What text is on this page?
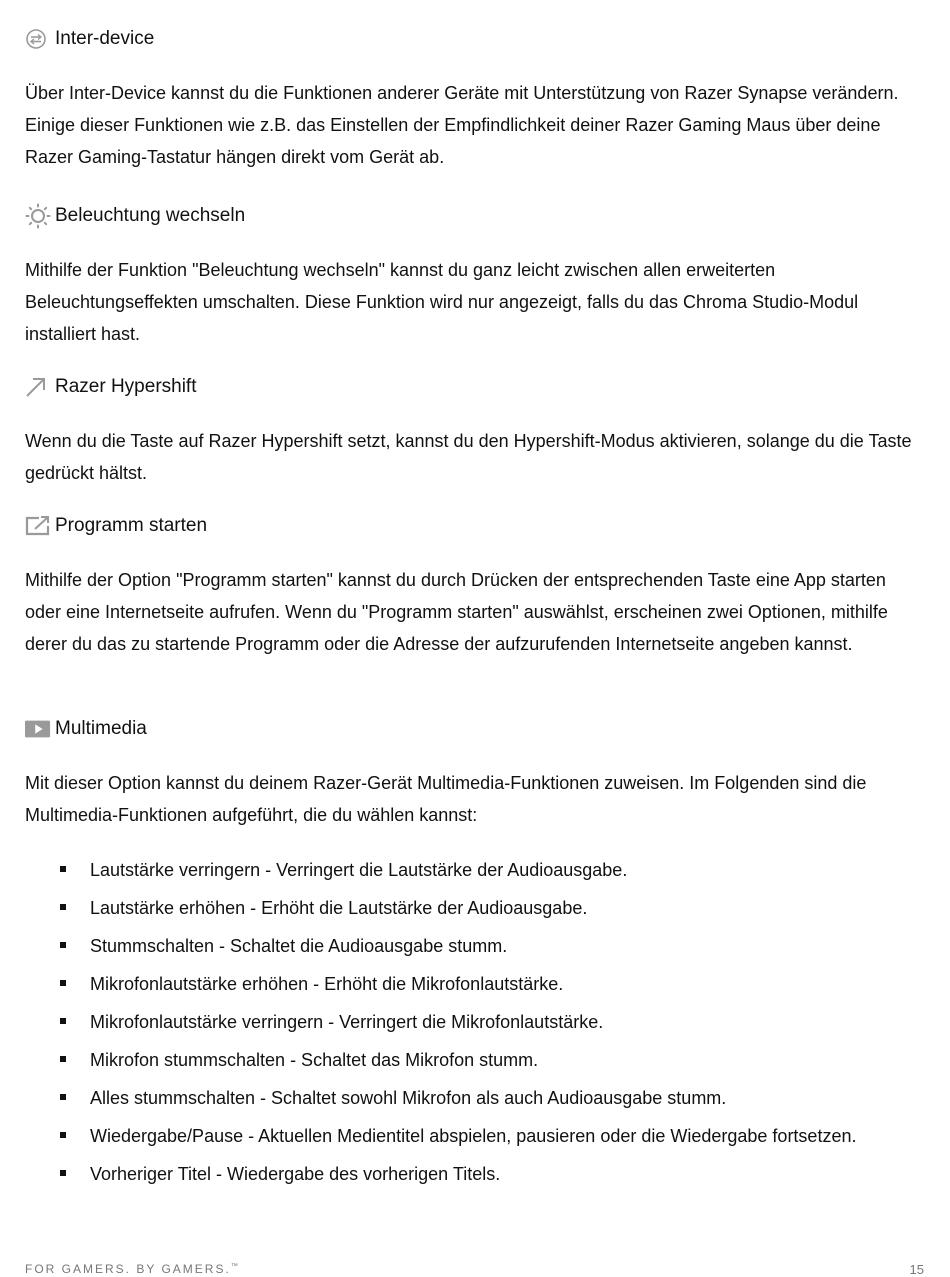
Inter-device

Über Inter-Device kannst du die Funktionen anderer Geräte mit Unterstützung von Razer Synapse verändern. Einige dieser Funktionen wie z.B. das Einstellen der Empfindlichkeit deiner Razer Gaming Maus über deine Razer Gaming-Tastatur hängen direkt vom Gerät ab.

Beleuchtung wechseln

Mithilfe der Funktion "Beleuchtung wechseln" kannst du ganz leicht zwischen allen erweiterten Beleuchtungseffekten umschalten. Diese Funktion wird nur angezeigt, falls du das Chroma Studio-Modul installiert hast.

Razer Hypershift

Wenn du die Taste auf Razer Hypershift setzt, kannst du den Hypershift-Modus aktivieren, solange du die Taste gedrückt hältst.

Programm starten

Mithilfe der Option "Programm starten" kannst du durch Drücken der entsprechenden Taste eine App starten oder eine Internetseite aufrufen. Wenn du "Programm starten" auswählst, erscheinen zwei Optionen, mithilfe derer du das zu startende Programm oder die Adresse der aufzurufenden Internetseite angeben kannst.

Multimedia

Mit dieser Option kannst du deinem Razer-Gerät Multimedia-Funktionen zuweisen. Im Folgenden sind die Multimedia-Funktionen aufgeführt, die du wählen kannst:

Lautstärke verringern - Verringert die Lautstärke der Audioausgabe.
Lautstärke erhöhen - Erhöht die Lautstärke der Audioausgabe.
Stummschalten - Schaltet die Audioausgabe stumm.
Mikrofonlautstärke erhöhen - Erhöht die Mikrofonlautstärke.
Mikrofonlautstärke verringern - Verringert die Mikrofonlautstärke.
Mikrofon stummschalten - Schaltet das Mikrofon stumm.
Alles stummschalten - Schaltet sowohl Mikrofon als auch Audioausgabe stumm.
Wiedergabe/Pause - Aktuellen Medientitel abspielen, pausieren oder die Wiedergabe fortsetzen.
Vorheriger Titel - Wiedergabe des vorherigen Titels.
FOR GAMERS. BY GAMERS.™	15
